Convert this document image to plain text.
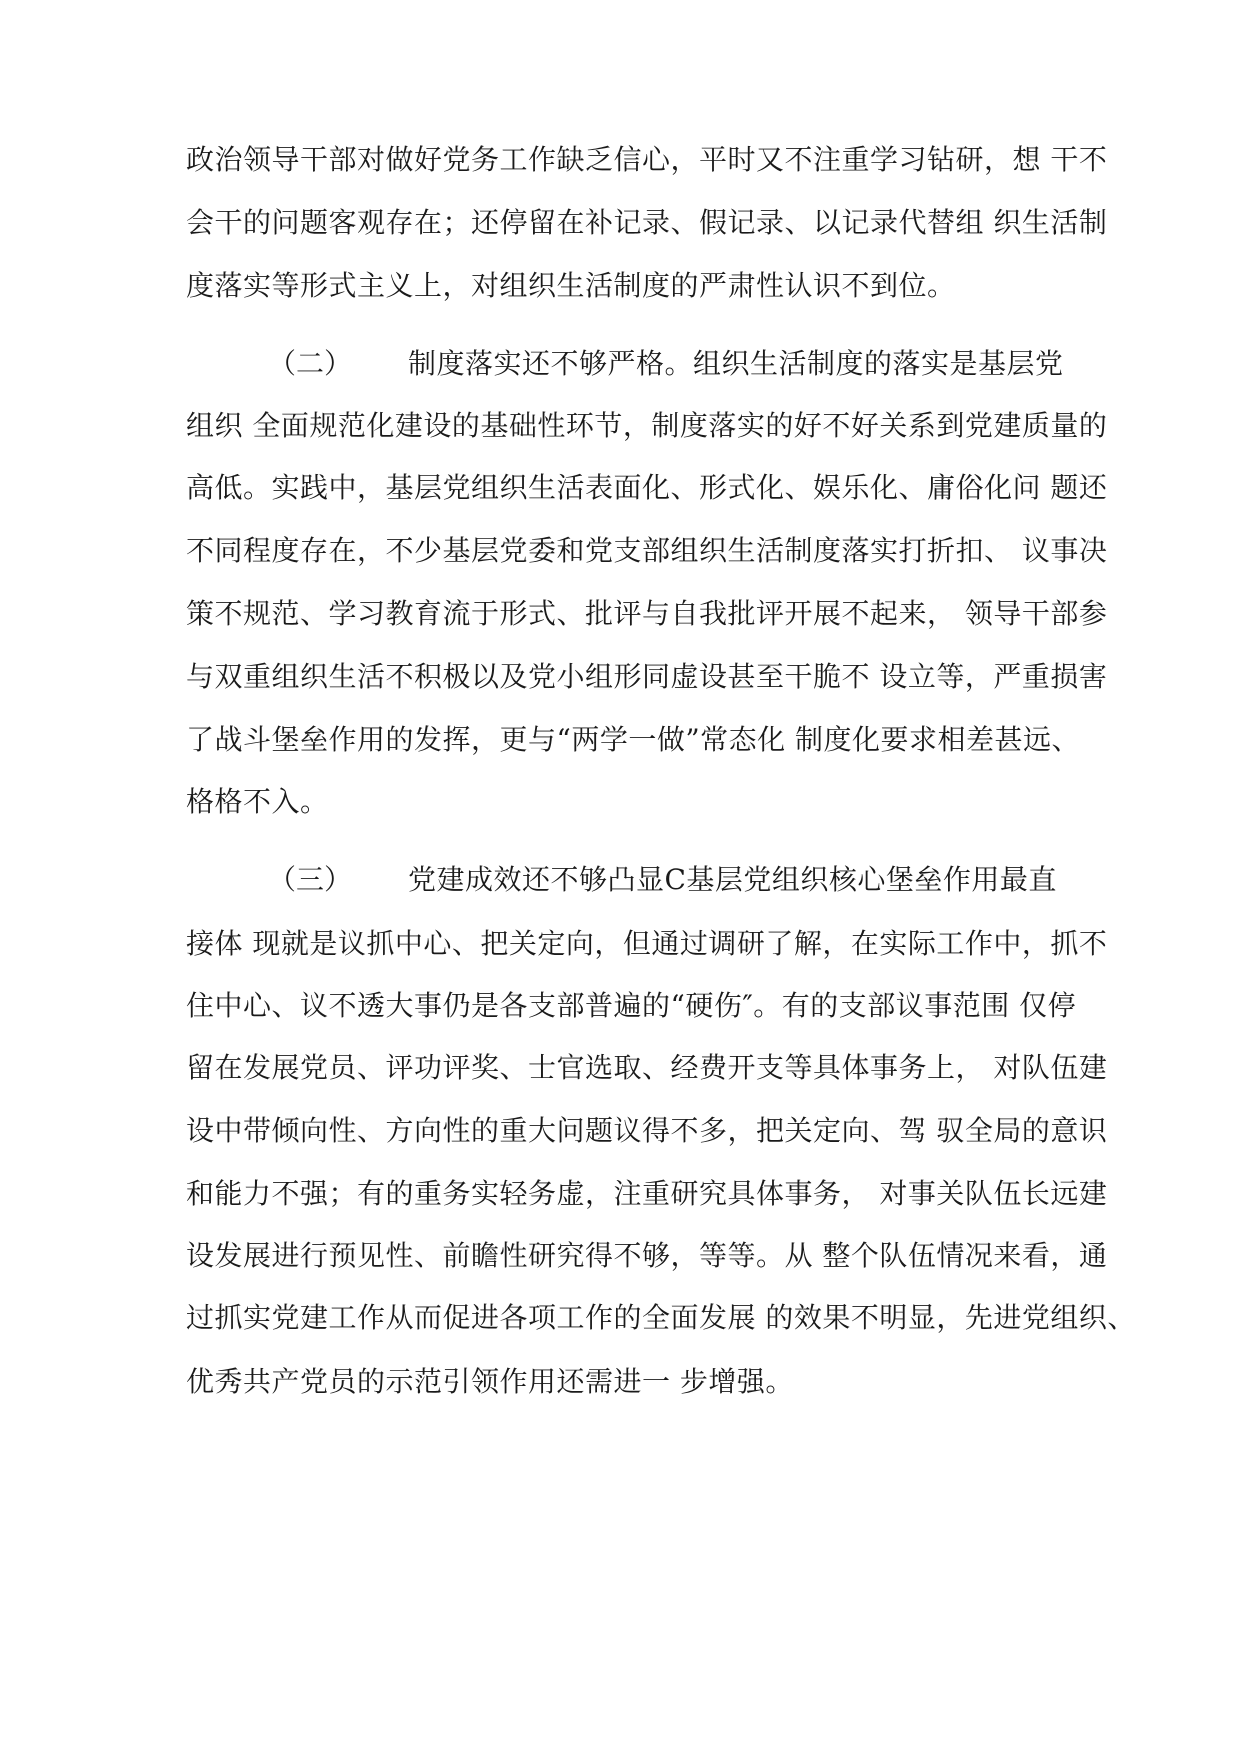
政治领导干部对做好党务工作缺乏信心，平时又不注重学习钻研，想 干不
会干的问题客观存在；还停留在补记录、假记录、以记录代替组 织生活制
度落实等形式主义上，对组织生活制度的严肃性认识不到位。
（二） 制度落实还不够严格。组织生活制度的落实是基层党
组织 全面规范化建设的基础性环节，制度落实的好不好关系到党建质量的
高低。实践中，基层党组织生活表面化、形式化、娱乐化、庸俗化问 题还
不同程度存在，不少基层党委和党支部组织生活制度落实打折扣、 议事决
策不规范、学习教育流于形式、批评与自我批评开展不起来， 领导干部参
与双重组织生活不积极以及党小组形同虚设甚至干脆不 设立等，严重损害
了战斗堡垒作用的发挥，更与“两学一做”常态化 制度化要求相差甚远、
格格不入。
（三） 党建成效还不够凸显C基层党组织核心堡垒作用最直
接体 现就是议抓中心、把关定向，但通过调研了解，在实际工作中，抓不
住中心、议不透大事仍是各支部普遍的“硬伤″。有的支部议事范围 仅停
留在发展党员、评功评奖、士官选取、经费开支等具体事务上， 对队伍建
设中带倾向性、方向性的重大问题议得不多，把关定向、驾 驭全局的意识
和能力不强；有的重务实轻务虚，注重研究具体事务， 对事关队伍长远建
设发展进行预见性、前瞻性研究得不够，等等。从 整个队伍情况来看，通
过抓实党建工作从而促进各项工作的全面发展 的效果不明显，先进党组织、
优秀共产党员的示范引领作用还需进一 步增强。
